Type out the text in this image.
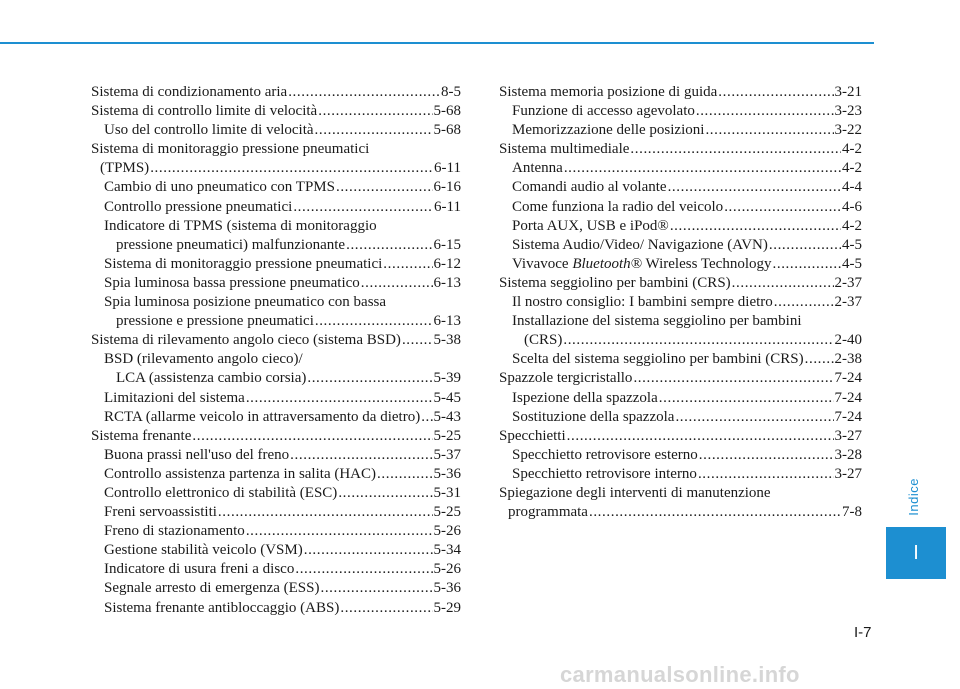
Sistema di condizionamento aria .....	8-5
Sistema di controllo limite di velocità .....	5-68
Uso del controllo limite di velocità .....	5-68
Sistema di monitoraggio pressione pneumatici
(TPMS) .....	6-11
Cambio di uno pneumatico con TPMS .....	6-16
Controllo pressione pneumatici .....	6-11
Indicatore di TPMS (sistema di monitoraggio
pressione pneumatici) malfunzionante .....	6-15
Sistema di monitoraggio pressione pneumatici .....	6-12
Spia luminosa bassa pressione pneumatico .....	6-13
Spia luminosa posizione pneumatico con bassa
pressione e pressione pneumatici .....	6-13
Sistema di rilevamento angolo cieco (sistema BSD) ..... 5-38
BSD (rilevamento angolo cieco)/
LCA (assistenza cambio corsia) .....	5-39
Limitazioni del sistema .....	5-45
RCTA (allarme veicolo in attraversamento da dietro) ..... 5-43
Sistema frenante .....	5-25
Buona prassi nell'uso del freno .....	5-37
Controllo assistenza partenza in salita (HAC) .....	5-36
Controllo elettronico di stabilità (ESC) .....	5-31
Freni servoassistiti .....	5-25
Freno di stazionamento .....	5-26
Gestione stabilità veicolo (VSM) .....	5-34
Indicatore di usura freni a disco .....	5-26
Segnale arresto di emergenza (ESS) .....	5-36
Sistema frenante antibloccaggio (ABS) .....	5-29
Sistema memoria posizione di guida .....	3-21
Funzione di accesso agevolato .....	3-23
Memorizzazione delle posizioni .....	3-22
Sistema multimediale .....	4-2
Antenna .....	4-2
Comandi audio al volante .....	4-4
Come funziona la radio del veicolo .....	4-6
Porta AUX, USB e iPod® .....	4-2
Sistema Audio/Video/ Navigazione (AVN) .....	4-5
Vivavoce Bluetooth® Wireless Technology .....	4-5
Sistema seggiolino per bambini (CRS) .....	2-37
Il nostro consiglio: I bambini sempre dietro .....	2-37
Installazione del sistema seggiolino per bambini
(CRS) .....	2-40
Scelta del sistema seggiolino per bambini (CRS) ..... 2-38
Spazzole tergicristallo .....	7-24
Ispezione della spazzola .....	7-24
Sostituzione della spazzola .....	7-24
Specchietti .....	3-27
Specchietto retrovisore esterno .....	3-28
Specchietto retrovisore interno .....	3-27
Spiegazione degli interventi di manutenzione
programmata .....	7-8	Indice
I
I-7
carmanualsonline.info
